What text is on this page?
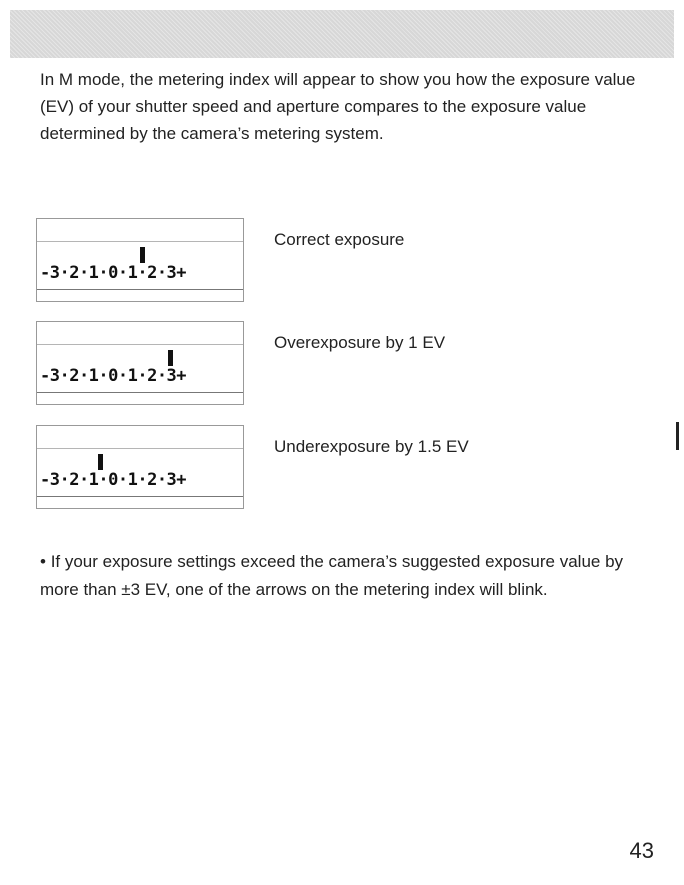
In M mode, the metering index will appear to show you how the exposure value (EV) of your shutter speed and aperture compares to the exposure value determined by the camera’s metering system.

-3·2·1·0·1·2·3+
Correct exposure
-3·2·1·0·1·2·3+
Overexposure by 1 EV
-3·2·1·0·1·2·3+
Underexposure by 1.5 EV

• If your exposure settings exceed the camera’s suggested exposure value by more than ±3 EV, one of the arrows on the metering index will blink.

43
